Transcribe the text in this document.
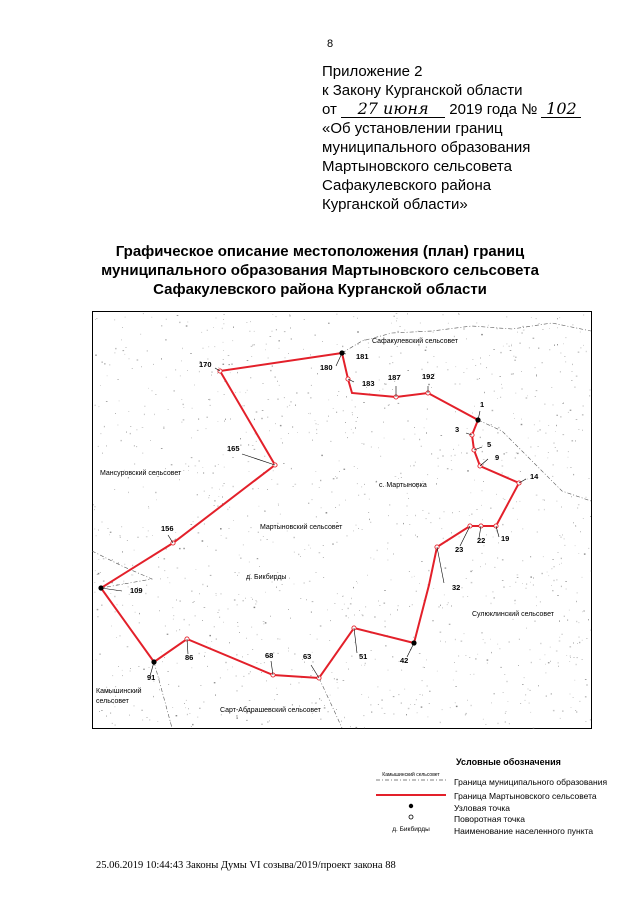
8
Приложение 2
к Закону Курганской области
от 27 июня 2019 года № 102
«Об установлении границ
муниципального образования
Мартыновского сельсовета
Сафакулевского района
Курганской области»
Графическое описание местоположения (план) границ
муниципального образования Мартыновского сельсовета
Сафакулевского района Курганской области
181
180
183
187	192
1
3
5
9
14
19
22
23
32
42
51
63
68
86
91
109
156
165
170
Сафакулевский сельсовет
Мансуровский сельсовет
Мартыновский сельсовет
Сулюклинский сельсовет
Сарт-Абдрашевский сельсовет
Камышинский
сельсовет
с. Мартыновка
д. Бикбирды
Условные обозначения
Камышинский сельсовет
д. Бикбирды
Граница муниципального образования
Граница Мартыновского сельсовета
Узловая точка
Поворотная точка
Наименование населенного пункта
25.06.2019 10:44:43 Законы Думы VI созыва/2019/проект закона 88
